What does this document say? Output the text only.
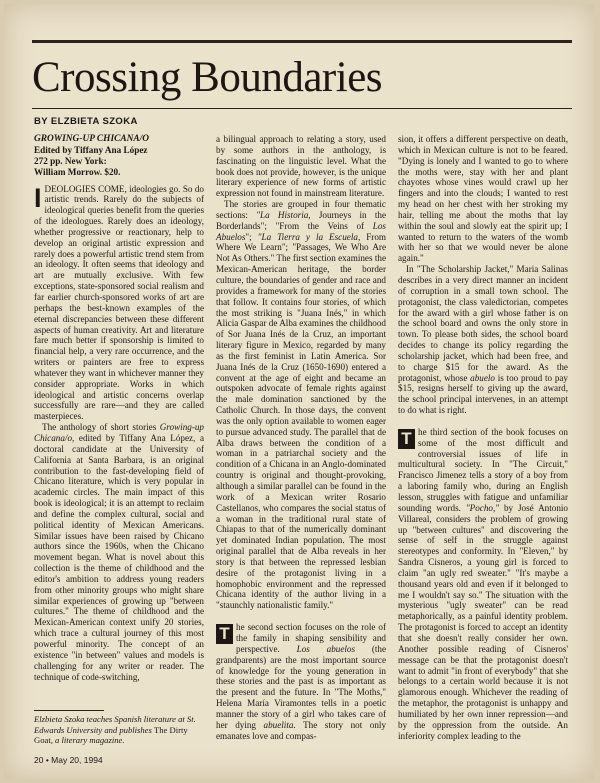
Crossing Boundaries
BY ELZBIETA SZOKA
GROWING-UP CHICANA/O
Edited by Tiffany Ana López
272 pp. New York:
William Morrow. $20.

IDEOLOGIES COME, ideologies go. So do artistic trends. Rarely do the subjects of ideological queries benefit from the queries of the ideologues. Rarely does an ideology, whether progressive or reactionary, help to develop an original artistic expression and rarely does a powerful artistic trend stem from an ideology. It often seems that ideology and art are mutually exclusive. With few exceptions, state-sponsored social realism and far earlier church-sponsored works of art are perhaps the best-known examples of the eternal discrepancies between these different aspects of human creativity. Art and literature fare much better if sponsorship is limited to financial help, a very rare occurrence, and the writers or painters are free to express whatever they want in whichever manner they consider appropriate. Works in which ideological and artistic concerns overlap successfully are rare—and they are called masterpieces.

The anthology of short stories Growing-up Chicana/o, edited by Tiffany Ana López, a doctoral candidate at the University of California at Santa Barbara, is an original contribution to the fast-developing field of Chicano literature, which is very popular in academic circles. The main impact of this book is ideological; it is an attempt to reclaim and define the complex cultural, social and political identity of Mexican Americans. Similar issues have been raised by Chicano authors since the 1960s, when the Chicano movement began. What is novel about this collection is the theme of childhood and the editor's ambition to address young readers from other minority groups who might share similar experiences of growing up "between cultures." The theme of childhood and the Mexican-American context unify 20 stories, which trace a cultural journey of this most powerful minority. The concept of an existence "in between" values and models is challenging for any writer or reader. The technique of code-switching,

a bilingual approach to relating a story, used by some authors in the anthology, is fascinating on the linguistic level. What the book does not provide, however, is the unique literary experience of new forms of artistic expression not found in mainstream literature.

The stories are grouped in four thematic sections: "La Historia, Journeys in the Borderlands"; "From the Veins of Los Abuelos"; "La Tierra y la Escuela, From Where We Learn"; "Passages, We Who Are Not As Others." The first section examines the Mexican-American heritage, the border culture, the boundaries of gender and race and provides a framework for many of the stories that follow. It contains four stories, of which the most striking is "Juana Inés," in which Alicia Gaspar de Alba examines the childhood of Sor Juana Inés de la Cruz, an important literary figure in Mexico, regarded by many as the first feminist in Latin America. Sor Juana Inés de la Cruz (1650-1690) entered a convent at the age of eight and became an outspoken advocate of female rights against the male domination sanctioned by the Catholic Church. In those days, the convent was the only option available to women eager to pursue advanced study. The parallel that de Alba draws between the condition of a woman in a patriarchal society and the condition of a Chicana in an Anglo-dominated country is original and thought-provoking, although a similar parallel can be found in the work of a Mexican writer Rosario Castellanos, who compares the social status of a woman in the traditional rural state of Chiapas to that of the numerically dominant yet dominated Indian population. The most original parallel that de Alba reveals in her story is that between the repressed lesbian desire of the protagonist living in a homophobic environment and the repressed Chicana identity of the author living in a "staunchly nationalistic family."

T he second section focuses on the role of the family in shaping sensibility and perspective. Los abuelos (the grandparents) are the most important source of knowledge for the young generation in these stories and the past is as important as the present and the future. In "The Moths," Helena María Viramontes tells in a poetic manner the story of a girl who takes care of her dying abuelita. The story not only emanates love and compas-

sion, it offers a different perspective on death, which in Mexican culture is not to be feared. "Dying is lonely and I wanted to go to where the moths were, stay with her and plant chayotes whose vines would crawl up her fingers and into the clouds; I wanted to rest my head on her chest with her stroking my hair, telling me about the moths that lay within the soul and slowly eat the spirit up; I wanted to return to the waters of the womb with her so that we would never be alone again."

In "The Scholarship Jacket," Maria Salinas describes in a very direct manner an incident of corruption in a small town school. The protagonist, the class valedictorian, competes for the award with a girl whose father is on the school board and owns the only store in town. To please both sides, the school board decides to change its policy regarding the scholarship jacket, which had been free, and to charge $15 for the award. As the protagonist, whose abuelo is too proud to pay $15, resigns herself to giving up the award, the school principal intervenes, in an attempt to do what is right.

T he third section of the book focuses on some of the most difficult and controversial issues of life in multicultural society. In "The Circuit," Francisco Jimenez tells a story of a boy from a laboring family who, during an English lesson, struggles with fatigue and unfamiliar sounding words. "Pocho," by José Antonio Villareal, considers the problem of growing up "between cultures" and discovering the sense of self in the struggle against stereotypes and conformity. In "Eleven," by Sandra Cisneros, a young girl is forced to claim "an ugly red sweater." "It's maybe a thousand years old and even if it belonged to me I wouldn't say so." The situation with the mysterious "ugly sweater" can be read metaphorically, as a painful identity problem. The protagonist is forced to accept an identity that she doesn't really consider her own. Another possible reading of Cisneros' message can be that the protagonist doesn't want to admit "in front of everybody" that she belongs to a certain world because it is not glamorous enough. Whichever the reading of the metaphor, the protagonist is unhappy and humiliated by her own inner repression—and by the oppression from the outside. An inferiority complex leading to the

Elzbieta Szoka teaches Spanish literature at St. Edwards University and publishes The Dirty Goat, a literary magazine.
20 • May 20, 1994
